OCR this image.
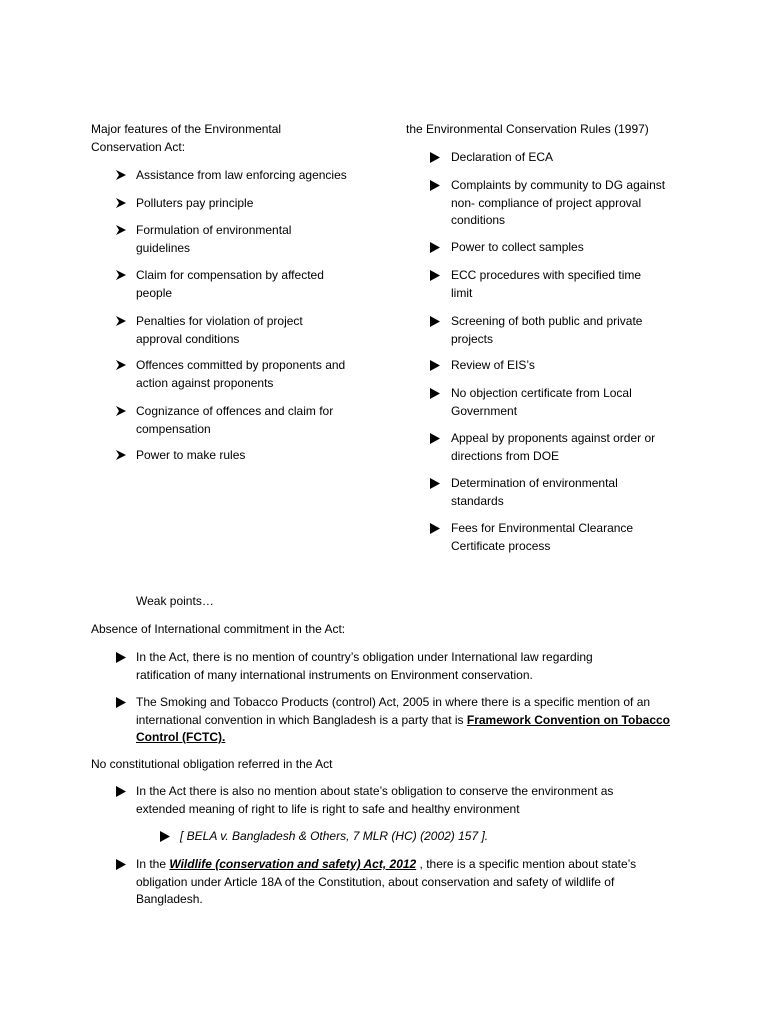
Major features of the Environmental

Conservation Act:

Assistance from law enforcing agencies

Polluters pay principle

Formulation of environmental

guidelines

Claim for compensation by affected

people

Penalties for violation of project

approval conditions

Offences committed by proponents and

action against proponents

Cognizance of offences and claim for

compensation

Power to make rules

the Environmental Conservation Rules (1997)

Declaration of ECA

Complaints by community to DG against

non- compliance of project approval

conditions

Power to collect samples

ECC procedures with specified time

limit

Screening of both public and private

projects

Review of EIS’s

No objection certificate from Local

Government

Appeal by proponents against order or

directions from DOE

Determination of environmental

standards

Fees for Environmental Clearance

Certificate process

Weak points…
Absence of International commitment in the Act:

In the Act, there is no mention of country’s obligation under International law regarding

ratification of many international instruments on Environment conservation.

The Smoking and Tobacco Products (control) Act, 2005 in where there is a specific mention of an

international convention in which Bangladesh is a party that is Framework Convention on Tobacco

Control (FCTC).

No constitutional obligation referred in the Act

In the Act there is also no mention about state’s obligation to conserve the environment as

extended meaning of right to life is right to safe and healthy environment

[ BELA v. Bangladesh & Others, 7 MLR (HC) (2002) 157 ].

In the Wildlife (conservation and safety) Act, 2012 , there is a specific mention about state’s

obligation under Article 18A of the Constitution, about conservation and safety of wildlife of

Bangladesh.
